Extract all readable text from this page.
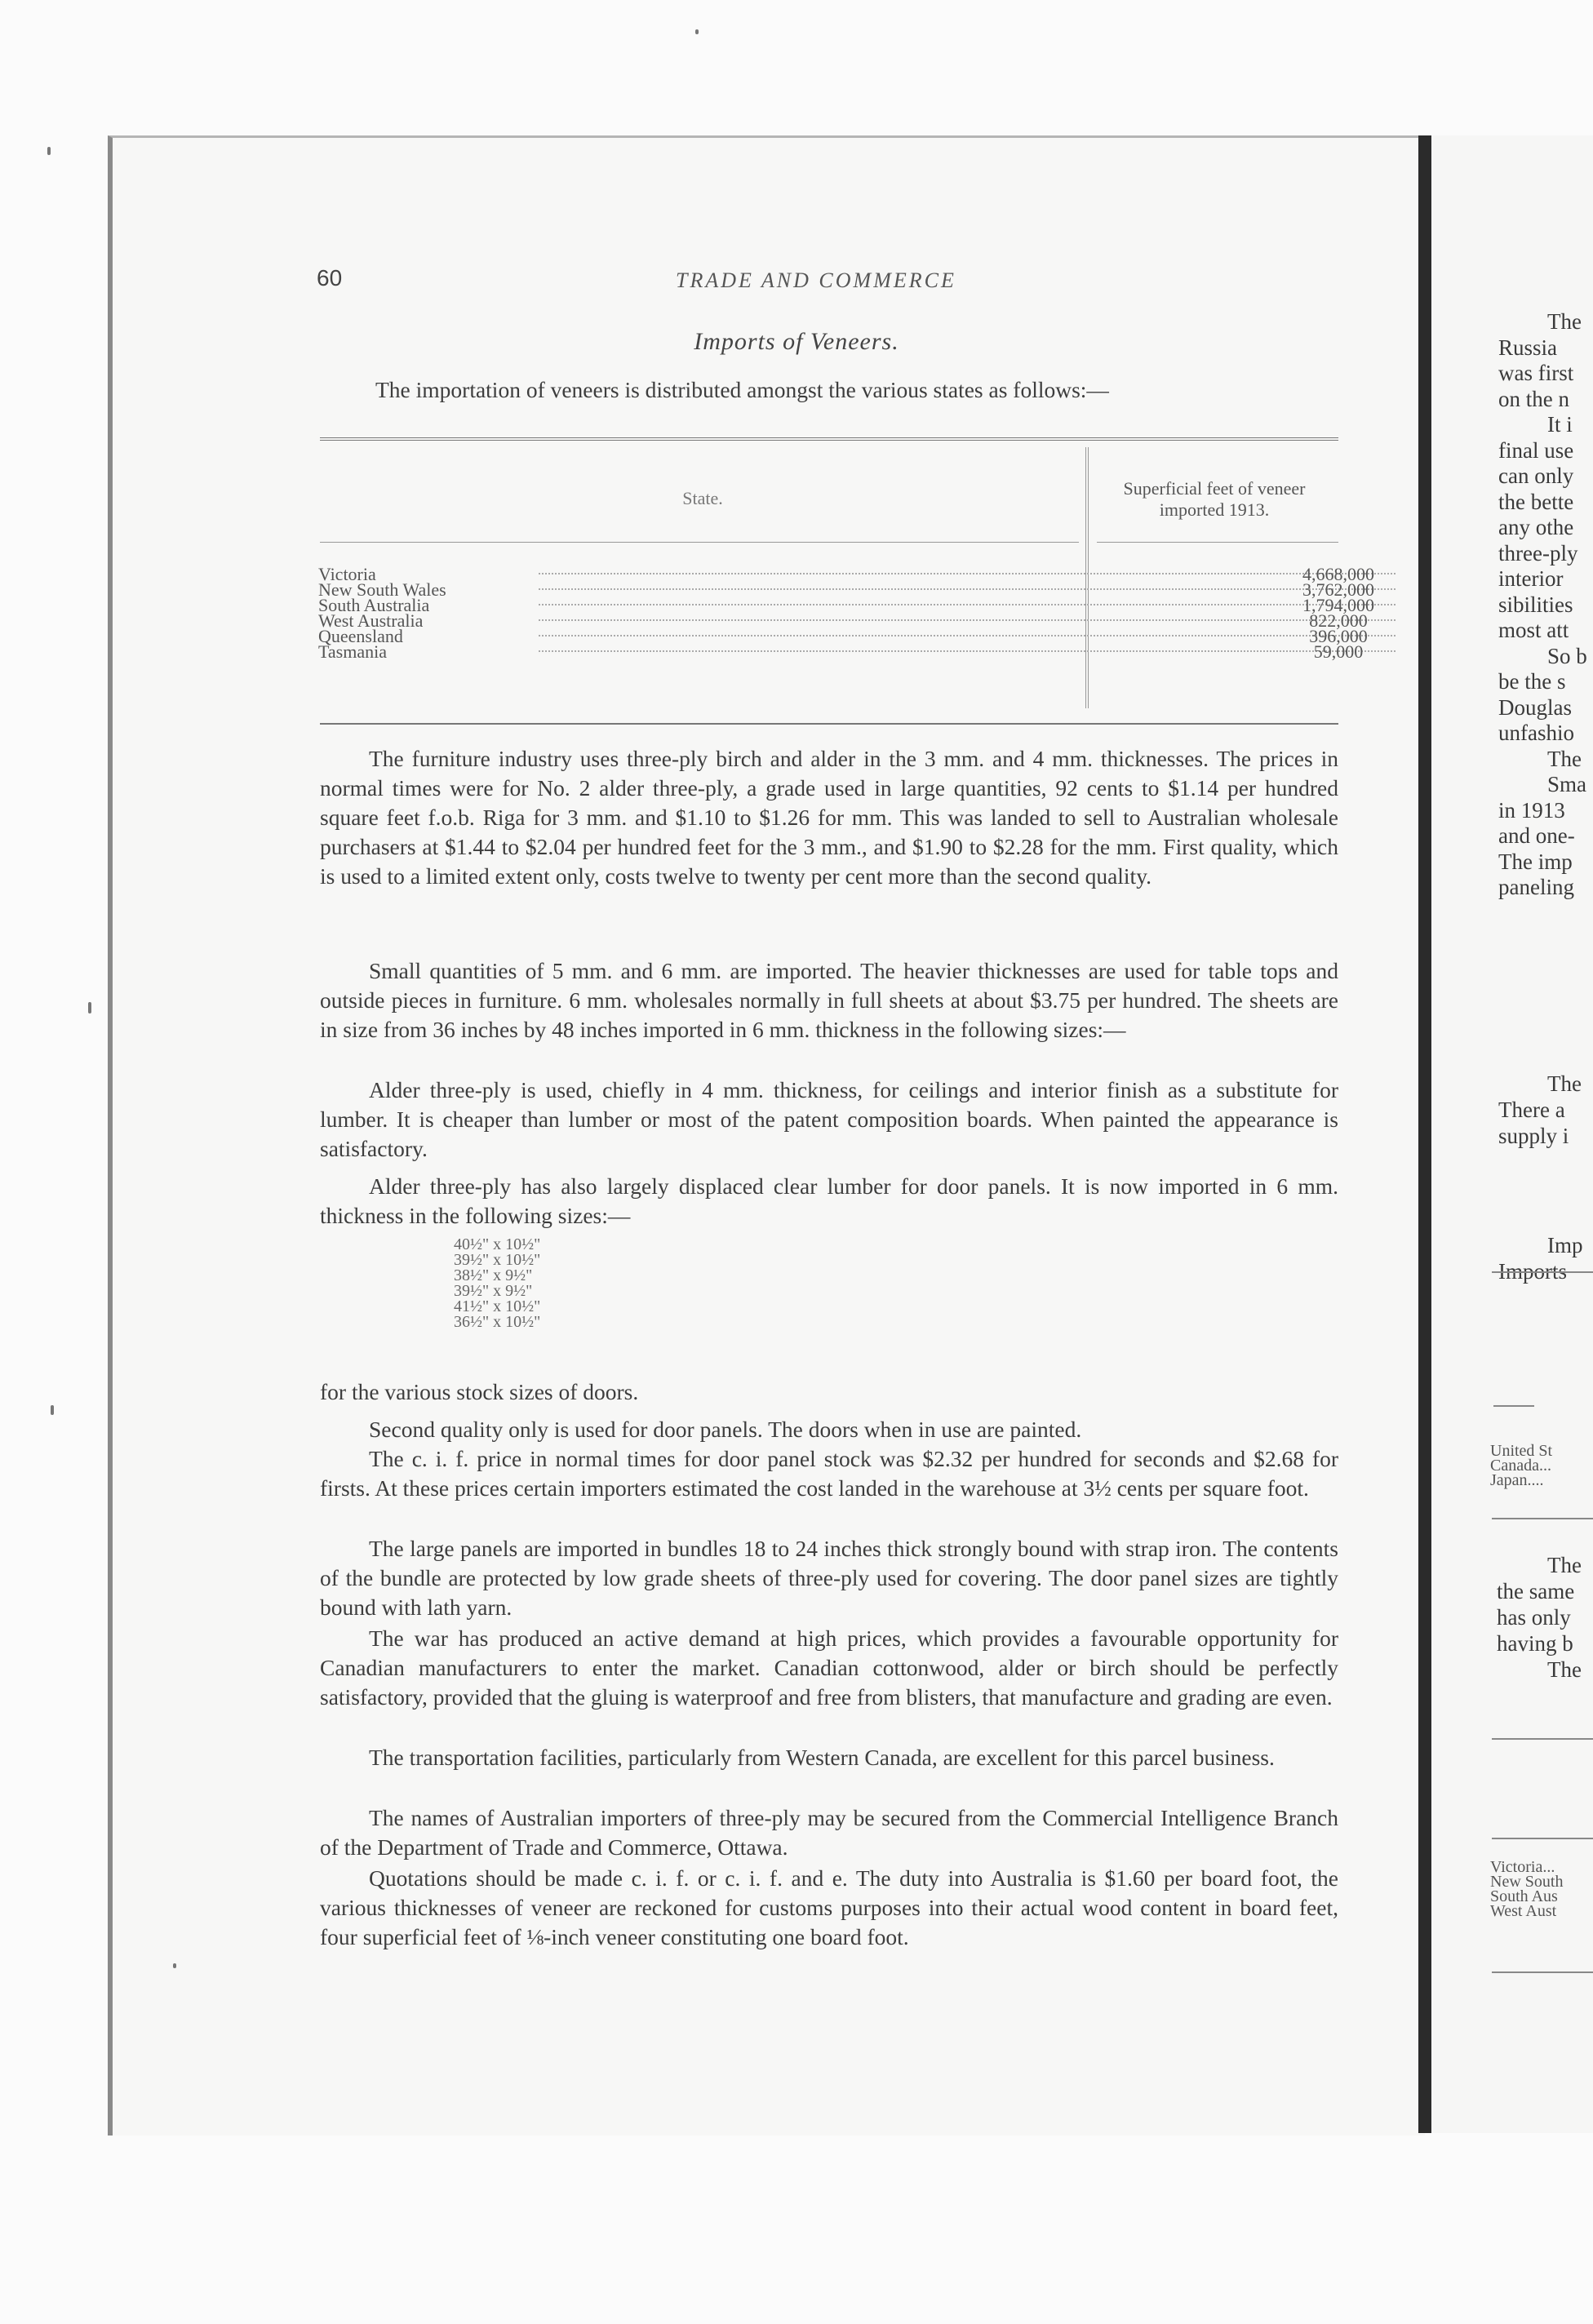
60	TRADE AND COMMERCE
Imports of Veneers.
The importation of veneers is distributed amongst the various states as follows:—
State.	Superficial feet of veneer imported 1913.
Victoria	4,668,000
New South Wales	3,762,000
South Australia	1,794,000
West Australia	822,000
Queensland	396,000
Tasmania	59,000
The furniture industry uses three-ply birch and alder in the 3 mm. and 4 mm. thicknesses. The prices in normal times were for No. 2 alder three-ply, a grade used in large quantities, 92 cents to $1.14 per hundred square feet f.o.b. Riga for 3 mm. and $1.10 to $1.26 for mm. This was landed to sell to Australian wholesale purchasers at $1.44 to $2.04 per hundred feet for the 3 mm., and $1.90 to $2.28 for the mm. First quality, which is used to a limited extent only, costs twelve to twenty per cent more than the second quality.
Small quantities of 5 mm. and 6 mm. are imported. The heavier thicknesses are used for table tops and outside pieces in furniture. 6 mm. wholesales normally in full sheets at about $3.75 per hundred. The sheets are in size from 36 inches by 48 inches imported in 6 mm. thickness in the following sizes:—
Alder three-ply is used, chiefly in 4 mm. thickness, for ceilings and interior finish as a substitute for lumber. It is cheaper than lumber or most of the patent composition boards. When painted the appearance is satisfactory.
Alder three-ply has also largely displaced clear lumber for door panels. It is now imported in 6 mm. thickness in the following sizes:—
40½" x 10½"
39½" x 10½"
38½" x 9½"
39½" x 9½"
41½" x 10½"
36½" x 10½"
for the various stock sizes of doors.
Second quality only is used for door panels. The doors when in use are painted.
The c. i. f. price in normal times for door panel stock was $2.32 per hundred for seconds and $2.68 for firsts. At these prices certain importers estimated the cost landed in the warehouse at 3½ cents per square foot.
The large panels are imported in bundles 18 to 24 inches thick strongly bound with strap iron. The contents of the bundle are protected by low grade sheets of three-ply used for covering. The door panel sizes are tightly bound with lath yarn.
The war has produced an active demand at high prices, which provides a favourable opportunity for Canadian manufacturers to enter the market. Canadian cottonwood, alder or birch should be perfectly satisfactory, provided that the gluing is waterproof and free from blisters, that manufacture and grading are even.
The transportation facilities, particularly from Western Canada, are excellent for this parcel business.
The names of Australian importers of three-ply may be secured from the Commercial Intelligence Branch of the Department of Trade and Commerce, Ottawa.
Quotations should be made c. i. f. or c. i. f. and e. The duty into Australia is $1.60 per board foot, the various thicknesses of veneer are reckoned for customs purposes into their actual wood content in board feet, four superficial feet of ⅛-inch veneer constituting one board foot.
The
Russia
was first
on the n
It i
final use
can only
the bette
any othe
three-ply
interior
sibilities
most att
So b
be the s
Douglas
unfashio
The
Sma
in 1913
and one-
The imp
paneling
The
There a
supply i
Imp
Imports
United St
Canada...
Japan....
The
the same
has only
having b
The
Victoria...
New South
South Aus
West Aust
